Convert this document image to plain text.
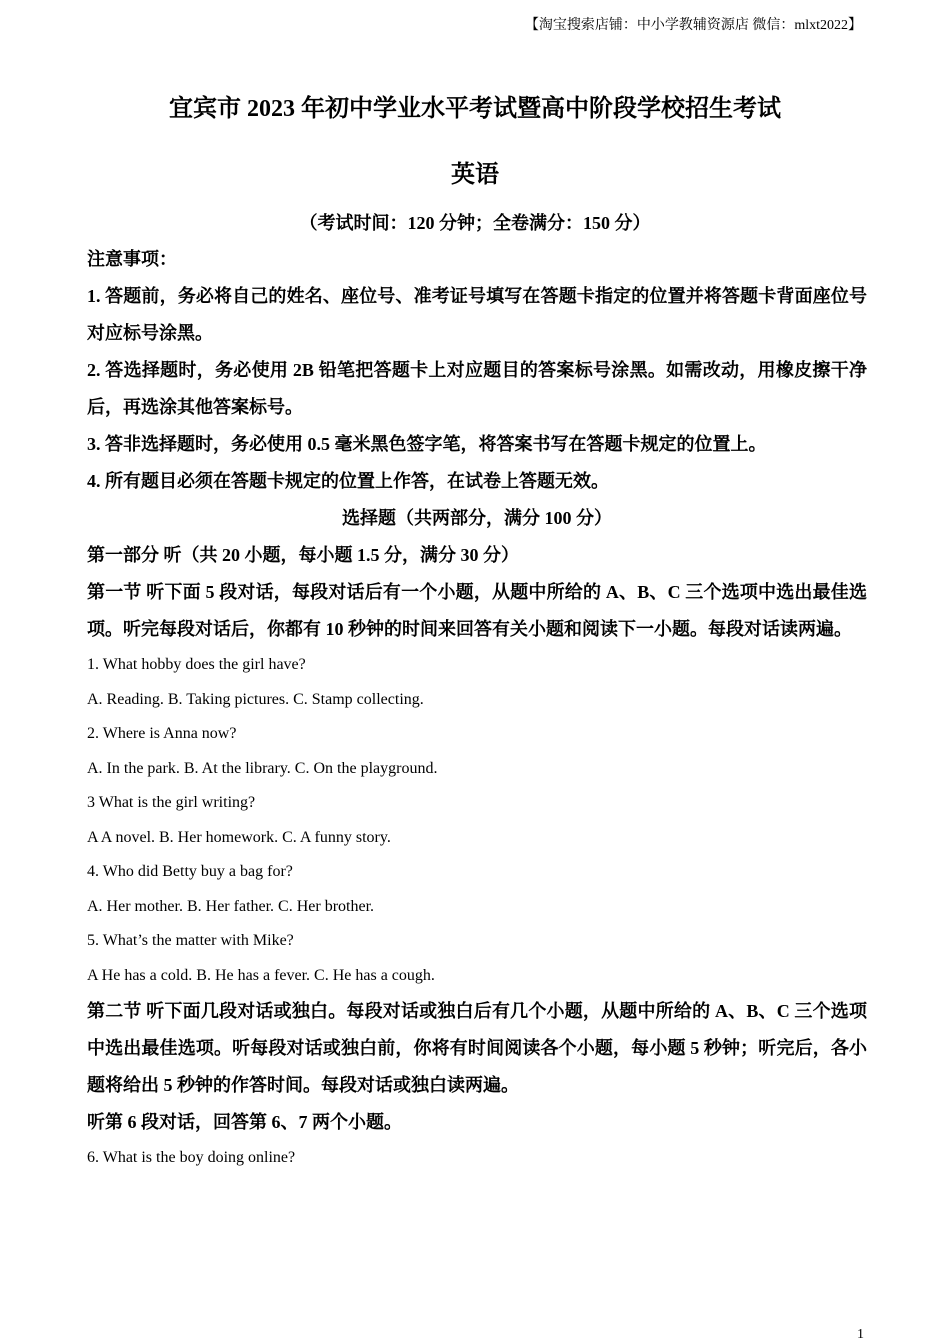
【淘宝搜索店铺：中小学教辅资源店 微信：mlxt2022】
宜宾市 2023 年初中学业水平考试暨高中阶段学校招生考试
英语
（考试时间：120 分钟；全卷满分：150 分）

注意事项：

1. 答题前，务必将自己的姓名、座位号、准考证号填写在答题卡指定的位置并将答题卡背面座位号对应标号涂黑。

2. 答选择题时，务必使用 2B 铅笔把答题卡上对应题目的答案标号涂黑。如需改动，用橡皮擦干净后，再选涂其他答案标号。

3. 答非选择题时，务必使用 0.5 毫米黑色签字笔，将答案书写在答题卡规定的位置上。

4. 所有题目必须在答题卡规定的位置上作答，在试卷上答题无效。

选择题（共两部分，满分 100 分）

第一部分 听（共 20 小题，每小题 1.5 分，满分 30 分）

第一节 听下面 5 段对话，每段对话后有一个小题，从题中所给的 A、B、C 三个选项中选出最佳选项。听完每段对话后，你都有 10 秒钟的时间来回答有关小题和阅读下一小题。每段对话读两遍。

1. What hobby does the girl have?

A. Reading. B. Taking pictures. C. Stamp collecting.

2. Where is Anna now?

A. In the park. B. At the library. C. On the playground.

3 What is the girl writing?

A A novel. B. Her homework. C. A funny story.

4. Who did Betty buy a bag for?

A. Her mother. B. Her father. C. Her brother.

5. What’s the matter with Mike?

A He has a cold. B. He has a fever. C. He has a cough.

第二节 听下面几段对话或独白。每段对话或独白后有几个小题，从题中所给的 A、B、C 三个选项中选出最佳选项。听每段对话或独白前，你将有时间阅读各个小题，每小题 5 秒钟；听完后，各小题将给出 5 秒钟的作答时间。每段对话或独白读两遍。

听第 6 段对话，回答第 6、7 两个小题。

6. What is the boy doing online?

1
